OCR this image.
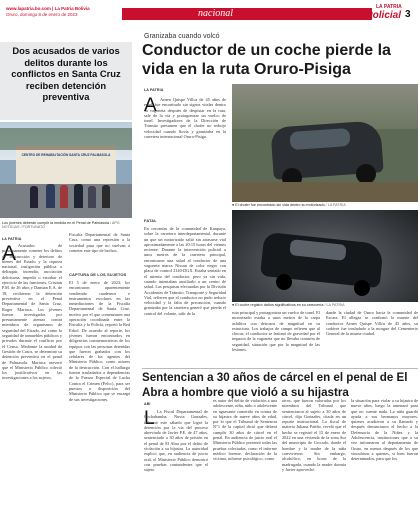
www.lapatria.bo.com | La Patria Bolivia
Oruro, domingo 8 de enero de 2023	nacional
LA PATRIA
Policial 3
Dos acusados de varios delitos durante los conflictos en Santa Cruz reciben detención preventiva
CENTRO DE REHABILITACIÓN SANTA CRUZ PALMASOLA
Los jóvenes deberán cumplir la medida en el Penal de Palmasola / APG NOTICIAS / FORTUNATO
LA PATRIA
A Acusados de presuntamente cometer los delitos de destrucción y deterioro de bienes del Estado y la riqueza nacional, instigación pública a delinquir, incendio, asociación delictuosa, impedir o estorbar el ejercicio de las funciones, Cristian P.M. de 26 años y Damian E.A. de 18, recibieron la detención preventiva en el Penal Departamental de Santa Cruz, Roger Mariaca. Los jóvenes fueron investigados por presuntamente atentar contra miembros de organismos de seguridad del Estado, así como la seguridad de inmuebles públicos y privados durante el conflicto por el Censo. Mediante la unidad de Gestión de Casos, se determinó su detención preventiva en el penal de Palmasola. Mariaca aseveró que el Ministerio Público colectó los justificativos en las investigaciones a los sujetos,
Fiscalía Departamental de Santa Cruz, como una represión a la sociedad para que no vuelvan a cometer este tipo de hechos.
CAPTURA DE LOS SUJETOS
El 5 de enero de 2023, los encontraron aparentemente vendiendo cuadernos e instrumentos escolares en las inmediaciones de la Fiscalía Departamental de Santa Cruz, motivo por el que comenzaron una operación coordinada entre la Fiscalía y la Policía, reportó la Red Erbol. De acuerdo al reporte, los jóvenes fueron encontrados en diligencias conmemorativas de los equipos con las personas detenidas que fueron grabados con los celulares de los agentes del Ministerio Público, como actores de la destrucción. Con el hallazgo fueron trasladados a dependencias de la Fuerza Especial de Lucha Contra el Crimen (Felcc), para ser puestos a disposición del Ministerio Público que se encarga de sus investigaciones.
Granizaba cuando volcó
Conductor de un coche pierde la vida en la ruta Oruro-Pisiga
LA PATRIA
A Arnen Quispe Villca de 45 años de edad, fue encontrado sin signos vitales dentro su vagoneta después de despistar en la ruta, sale de la vía y protagonizar un vuelco de tonel. Investigadores de la Dirección de Tránsito presumen que el chofer no reduijo velocidad cuando llovía y granizaba en la carretera internacional Oruro-Pisiga.
FATAL
En cercanías de la comunidad de Kanpaya, sobre la carretera interdepartamental, durante un que un motorizado salió sin atrasarse vial aproximadamente a las 20:15 horas del viernes reciente. Durante la intervención policial a unos metros de la carretera principal, encontraron una salud al conductor de una vagoneta marca Nissan de color negro con placa de control 3140-DGX. Estaba sentado en el asiento del conductor, pero ya sin vida, cuando intentaban auxiliarlo a un centro de salud. Las pesquisas efectuadas por la División Accidentes de Tránsito, Transporte y Seguridad Vial, refieren que el conductor no pudo reducir velocidad y la falta de precaución, cuando granizaba por la carretera generó que pierda el control del volante, salir de la
● El chofer fue encontrado sin vida dentro su motorizado / LA PATRIA
● El coche registró daños significativos en su carrocería / LA PATRIA
ruta principal y protagonizar un vuelco de tonel. El motorizado estaba a unos metros de la carpa asfáltica con detrozos de magnitud en su estructura. Los trabajos de campo refieren que al chocar, el conductor se lastimó de gravedad por el impacto de la vagoneta que no llevaba cinturón de seguridad, situación que por la magnitud de las lesiones.
dande la ciudad de Oruro hacia la comunidad de Escara. El allegaz se confirmó la muerte del conductor Arnen Quispe Villca de 45 años, su cadáver fue trasladado a la morgue del Cementerio General de la misma ciudad.
Sentencian a 30 años de cárcel en el penal de El Abra a hombre que violó a su hijastra
ABI
L La Fiscal Departamental de Cochabamba, Nuvia Gonzales, informó este sábado que logró la detención por la vía del proceso abreviado de Javier P.E. de 47 años, sentenciado a 30 años de prisión en el penal de El Abra por el delito de violación a su hijastra. La autoridad explicó que, en audiencia de juicio oral, el Ministerio Público demostró con pruebas contundentes que el sujeto
es autor del delito de violación a una adolescente, niña, niño o adolescente en agravante cometido en contra de su hijastra de nueve años de edad, por lo que el Tribunal de Sentencia N°1 de la capital dictó que deberá cumplir 30 años de cárcel en el penal. En audiencia de juicio oral el Ministerio Público presentó todas las pruebas colectadas, como el informe médico forense, declaración de la víctima, informe psicológico, como
otros, que fueron valoradas por los miembros del Tribunal que sentenciaron al sujeto a 30 años de cárcel, dijo Gonzales, citada en un reporte institucional. La fiscal de materia Juliana Patiño, reveló que el hecho se registró el 15 de enero de 2022 en una vivienda de la zona Sur del municipio de Cercado, donde el hombre y la madre de la niña convivieron. Sin embargo, alcohólico, en horas de la madrugada, cuando la madre dormía y Javier aprovechó
la situación para violar a su hijastra de nueve años, luego la amenazó para que no cuente nada. La niña guardó ayuda a sus hermanos mayores, quienes acudieron a su llamado y después denunciaron el hecho a la Defensoría de la Niñez y la Adolescencia, instituciones que a su vez informaron al departamento de Oruro, en menos después de los que vincularon a quienes, si bien fueron determinados, para que los
